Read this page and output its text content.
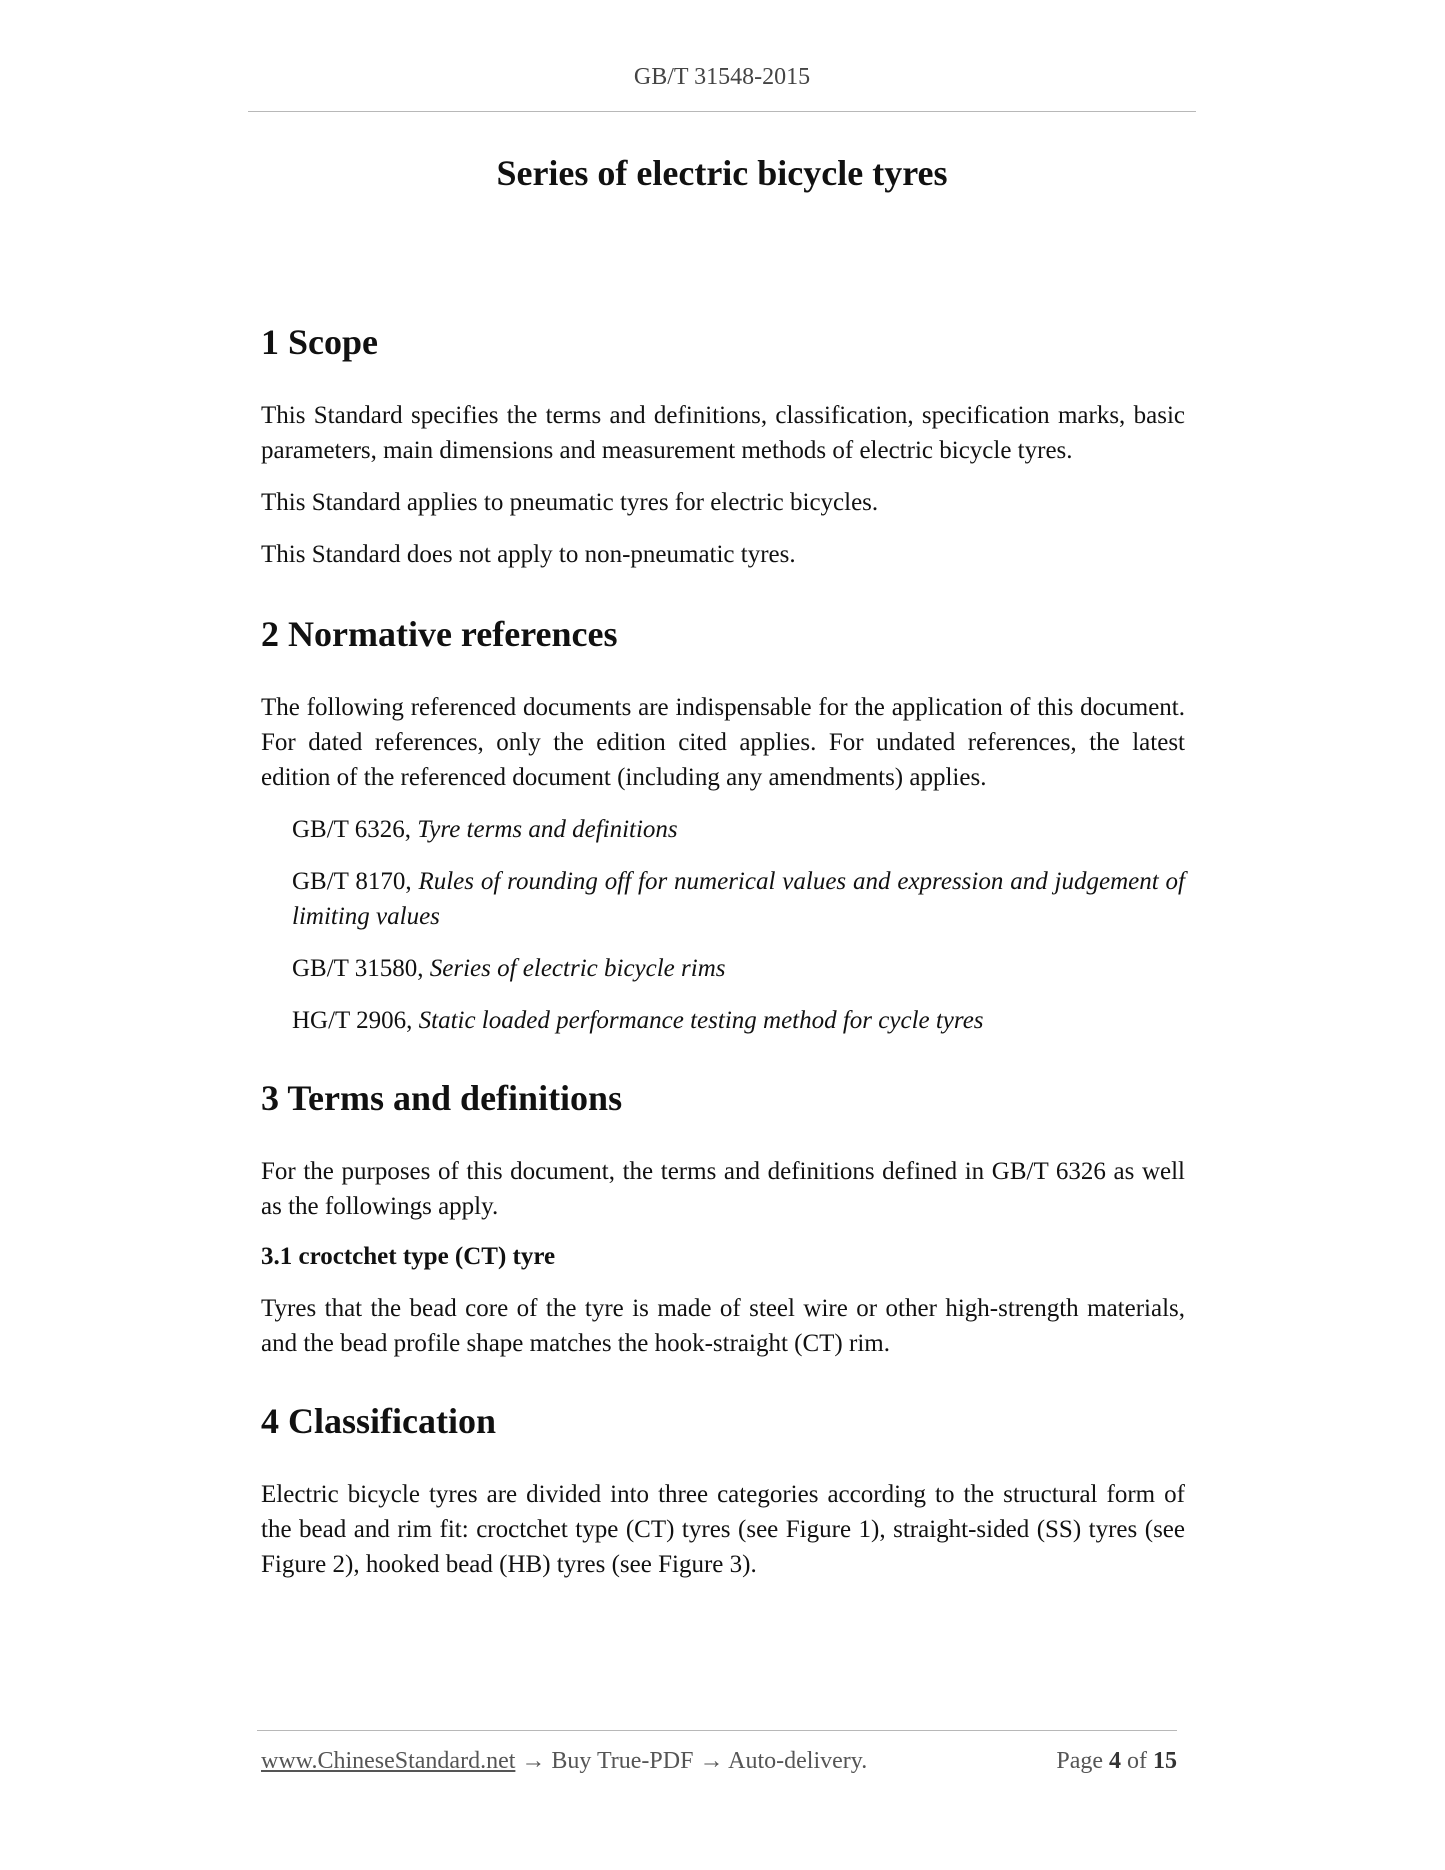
GB/T 31548-2015
Series of electric bicycle tyres
1 Scope

This Standard specifies the terms and definitions, classification, specification marks, basic parameters, main dimensions and measurement methods of electric bicycle tyres.

This Standard applies to pneumatic tyres for electric bicycles.

This Standard does not apply to non-pneumatic tyres.

2 Normative references

The following referenced documents are indispensable for the application of this document. For dated references, only the edition cited applies. For undated references, the latest edition of the referenced document (including any amendments) applies.

GB/T 6326, Tyre terms and definitions

GB/T 8170, Rules of rounding off for numerical values and expression and judgement of limiting values

GB/T 31580, Series of electric bicycle rims

HG/T 2906, Static loaded performance testing method for cycle tyres

3 Terms and definitions

For the purposes of this document, the terms and definitions defined in GB/T 6326 as well as the followings apply.

3.1 croctchet type (CT) tyre

Tyres that the bead core of the tyre is made of steel wire or other high-strength materials, and the bead profile shape matches the hook-straight (CT) rim.

4 Classification

Electric bicycle tyres are divided into three categories according to the structural form of the bead and rim fit: croctchet type (CT) tyres (see Figure 1), straight-sided (SS) tyres (see Figure 2), hooked bead (HB) tyres (see Figure 3).

www.ChineseStandard.net → Buy True-PDF → Auto-delivery.	Page 4 of 15
